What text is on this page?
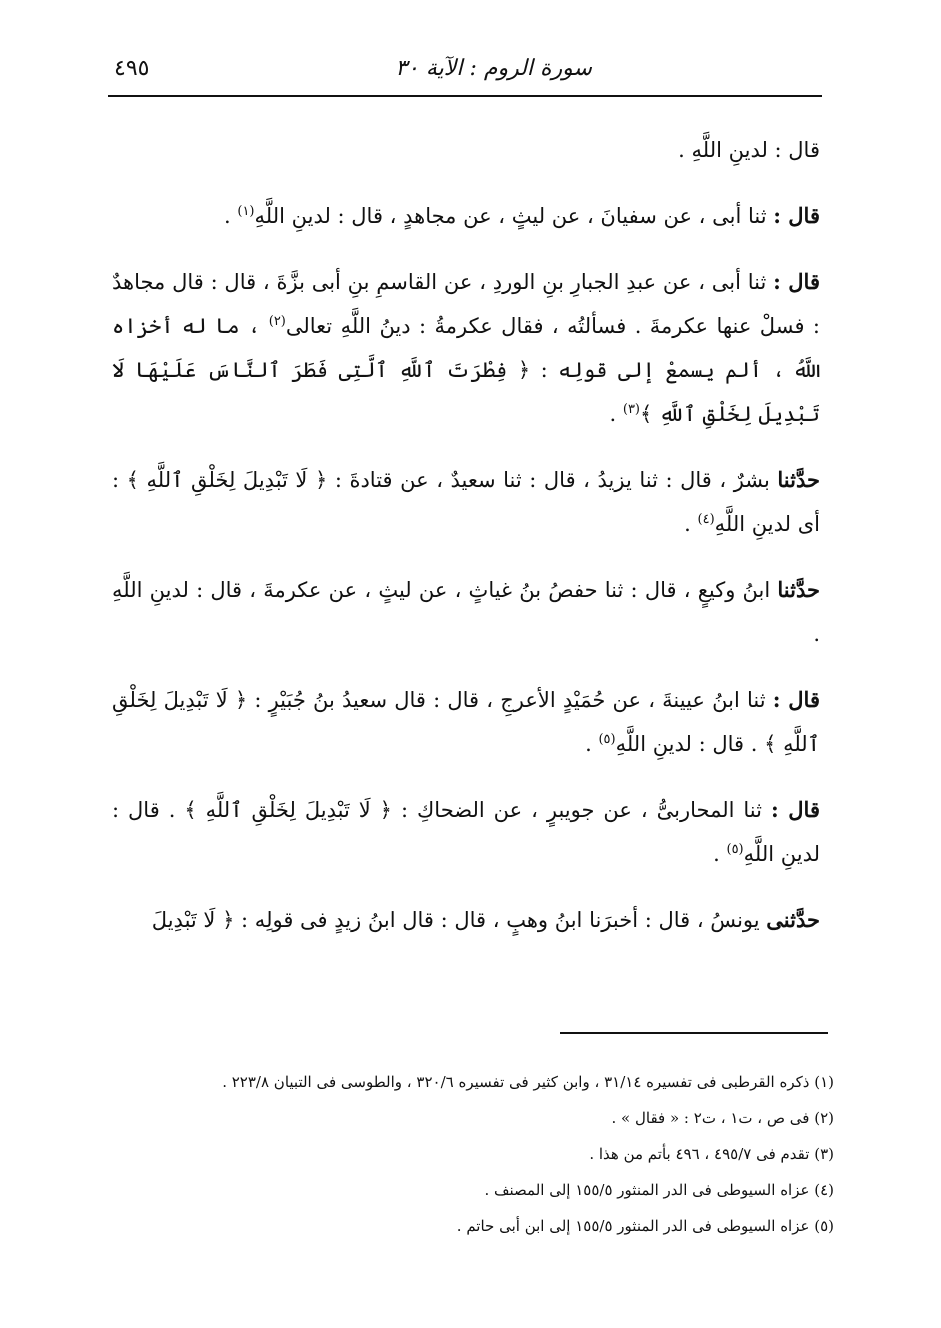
سورة الروم : الآية ٣٠
٤٩٥

قال : لدينِ اللَّهِ .

قال : ثنا أبى ، عن سفيانَ ، عن ليثٍ ، عن مجاهدٍ ، قال : لدينِ اللَّهِ$^{(١)}$ .

قال : ثنا أبى ، عن عبدِ الجبارِ بنِ الوردِ ، عن القاسمِ بنِ أبى بزَّةَ ، قال : قال مجاهدٌ : فسلْ عنها عكرمةَ . فسألتُه ، فقال عكرمةُ : دينُ اللَّهِ تعالى$^{(٢)}$ ، ما له أخزاه اللَّهُ ، ألم يسمعْ إلى قولِه : ﴿ فِطْرَتَ ٱللَّهِ ٱلَّتِى فَطَرَ ٱلنَّاسَ عَلَيْهَا لَا تَبْدِيلَ لِخَلْقِ ٱللَّهِ ﴾$^{(٣)}$ .

حدَّثنا بشرٌ ، قال : ثنا يزيدُ ، قال : ثنا سعيدٌ ، عن قتادةَ : ﴿ لَا تَبْدِيلَ لِخَلْقِ ٱللَّهِ ﴾ : أى لدينِ اللَّهِ$^{(٤)}$ .

حدَّثنا ابنُ وكيعٍ ، قال : ثنا حفصُ بنُ غياثٍ ، عن ليثٍ ، عن عكرمةَ ، قال : لدينِ اللَّهِ .

قال : ثنا ابنُ عيينةَ ، عن حُمَيْدٍ الأعرجِ ، قال : قال سعيدُ بنُ جُبَيْرٍ : ﴿ لَا تَبْدِيلَ لِخَلْقِ ٱللَّهِ ﴾ . قال : لدينِ اللَّهِ$^{(٥)}$ .

قال : ثنا المحاربىُّ ، عن جويبرٍ ، عن الضحاكِ : ﴿ لَا تَبْدِيلَ لِخَلْقِ ٱللَّهِ ﴾ . قال : لدينِ اللَّهِ$^{(٥)}$ .

حدَّثنى يونسُ ، قال : أخبرَنا ابنُ وهبٍ ، قال : قال ابنُ زيدٍ فى قولِه : ﴿ لَا تَبْدِيلَ

(١) ذكره القرطبى فى تفسيره ٣١/١٤ ، وابن كثير فى تفسيره ٣٢٠/٦ ، والطوسى فى التبيان ٢٢٣/٨ .

(٢) فى ص ، ت١ ، ت٢ : « فقال » .

(٣) تقدم فى ٤٩٥/٧ ، ٤٩٦ بأتم من هذا .

(٤) عزاه السيوطى فى الدر المنثور ١٥٥/٥ إلى المصنف .

(٥) عزاه السيوطى فى الدر المنثور ١٥٥/٥ إلى ابن أبى حاتم .
